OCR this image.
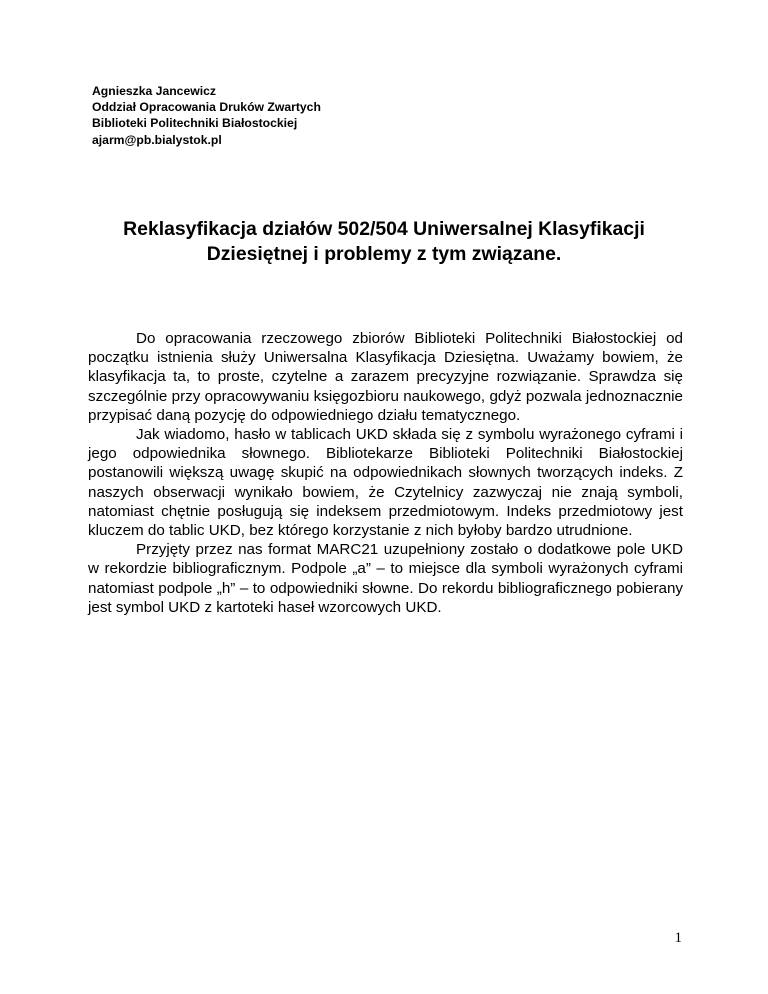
Agnieszka Jancewicz
Oddział Opracowania Druków Zwartych
Biblioteki Politechniki Białostockiej
ajarm@pb.bialystok.pl
Reklasyfikacja działów 502/504 Uniwersalnej Klasyfikacji
Dziesiętnej i problemy z tym związane.

Do opracowania rzeczowego zbiorów Biblioteki Politechniki Białostockiej od początku istnienia służy Uniwersalna Klasyfikacja Dziesiętna. Uważamy bowiem, że klasyfikacja ta, to proste, czytelne a zarazem precyzyjne rozwiązanie. Sprawdza się szczególnie przy opracowywaniu księgozbioru naukowego, gdyż pozwala jednoznacznie przypisać daną pozycję do odpowiedniego działu tematycznego.

Jak wiadomo, hasło w tablicach UKD składa się z symbolu wyrażonego cyframi i jego odpowiednika słownego. Bibliotekarze Biblioteki Politechniki Białostockiej postanowili większą uwagę skupić na odpowiednikach słownych tworzących indeks. Z naszych obserwacji wynikało bowiem, że Czytelnicy zazwyczaj nie znają symboli, natomiast chętnie posługują się indeksem przedmiotowym. Indeks przedmiotowy jest kluczem do tablic UKD, bez którego korzystanie z nich byłoby bardzo utrudnione.

Przyjęty przez nas format MARC21 uzupełniony zostało o dodatkowe pole UKD w rekordzie bibliograficznym. Podpole „a” – to miejsce dla symboli wyrażonych cyframi natomiast podpole „h” – to odpowiedniki słowne. Do rekordu bibliograficznego pobierany jest symbol UKD z kartoteki haseł wzorcowych UKD.

1
